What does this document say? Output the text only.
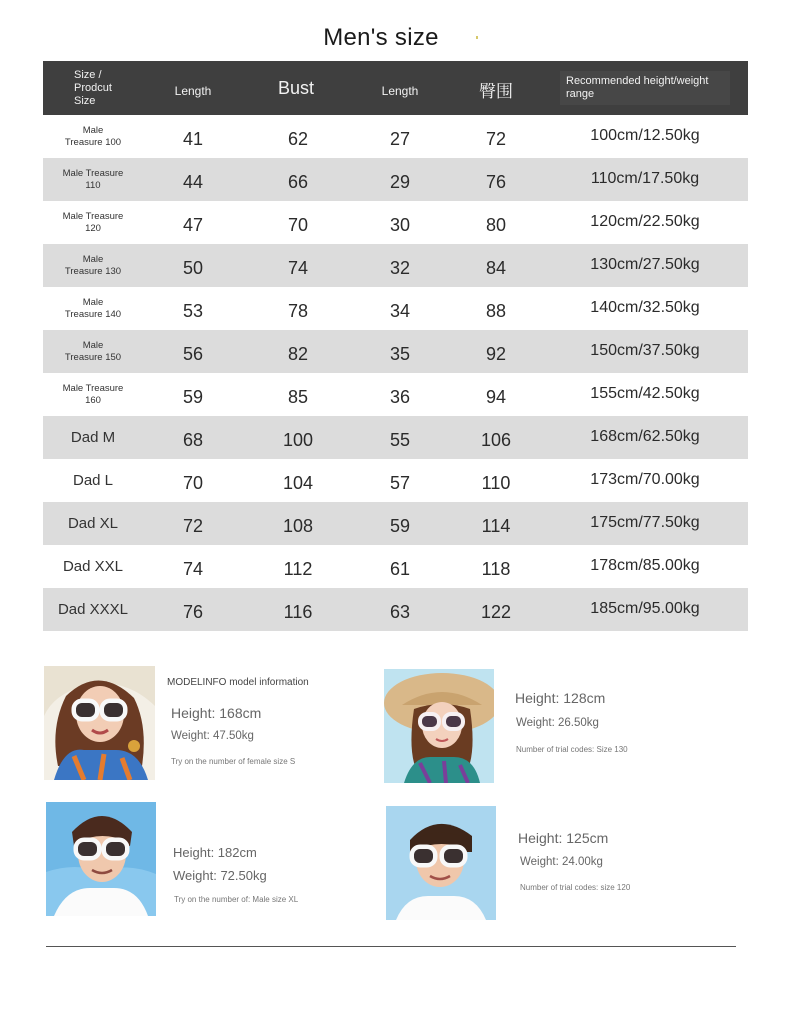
Men's size
Size /
Prodcut
Size
Length	Bust	Length	臀围
Recommended height/weight range
Male
Treasure 100	41	62	27	72	100cm/12.50kg
Male Treasure
110	44	66	29	76	110cm/17.50kg
Male Treasure
120	47	70	30	80	120cm/22.50kg
Male
Treasure 130	50	74	32	84	130cm/27.50kg
Male
Treasure 140	53	78	34	88	140cm/32.50kg
Male
Treasure 150	56	82	35	92	150cm/37.50kg
Male Treasure
160	59	85	36	94	155cm/42.50kg
Dad M	68	100	55	106	168cm/62.50kg
Dad L	70	104	57	110	173cm/70.00kg
Dad XL	72	108	59	114	175cm/77.50kg
Dad XXL	74	112	61	118	178cm/85.00kg
Dad XXXL	76	116	63	122	185cm/95.00kg
MODELINFO model information
Height: 168cm
Weight: 47.50kg
Try on the number of female size S
Height: 128cm
Weight: 26.50kg
Number of trial codes: Size 130
Height: 182cm
Weight: 72.50kg
Try on the number of: Male size XL
Height: 125cm
Weight: 24.00kg
Number of trial codes: size 120
